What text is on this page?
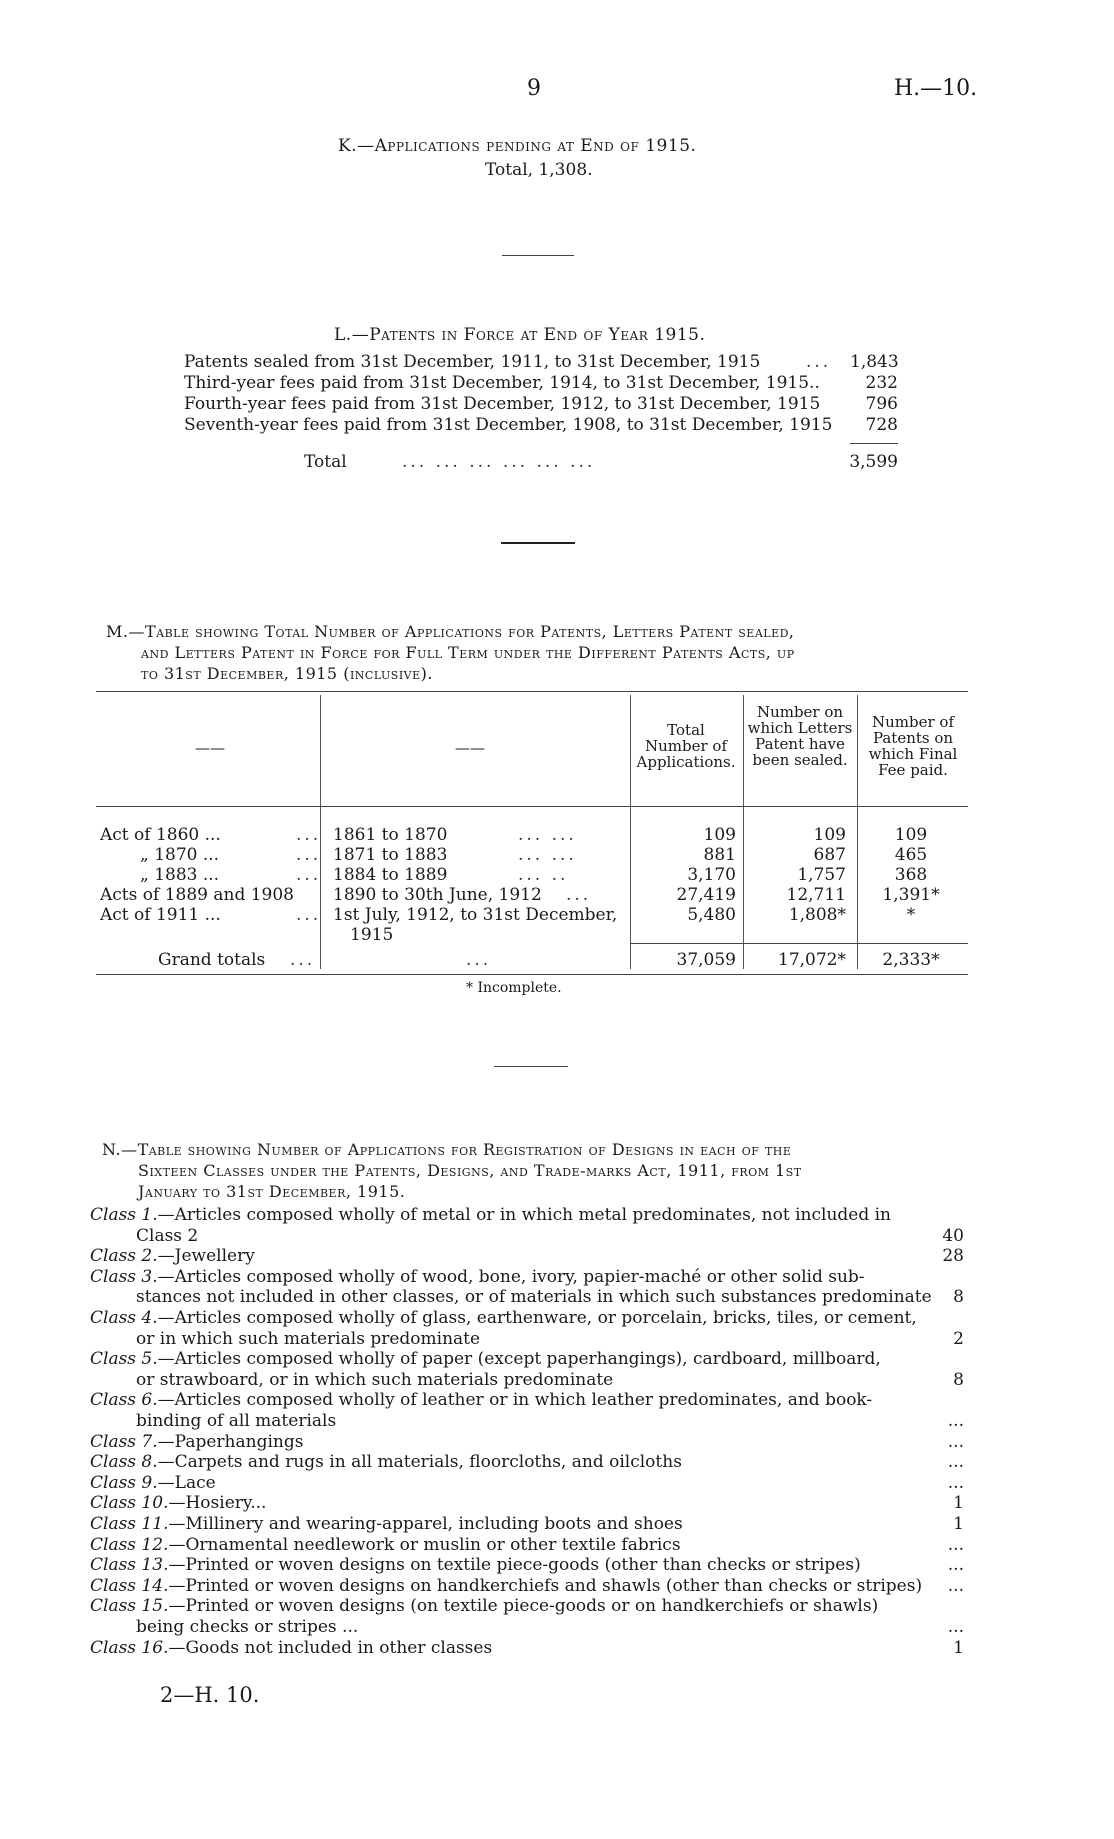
9	H.—10.
K.—Applications pending at End of 1915.
Total, 1,308.
L.—Patents in Force at End of Year 1915.
Patents sealed from 31st December, 1911, to 31st December, 1915	... 1,843
Third-year fees paid from 31st December, 1914, to 31st December, 1915..	232
Fourth-year fees paid from 31st December, 1912, to 31st December, 1915	796
Seventh-year fees paid from 31st December, 1908, to 31st December, 1915	728
Total	... ... ... ... ... ...	3,599
M.—Table showing Total Number of Applications for Patents, Letters Patent sealed,
and Letters Patent in Force for Full Term under the Different Patents Acts, up
to 31st December, 1915 (inclusive).
——	——
Total Number of Applications.
Number on which Letters Patent have been sealed.
Number of Patents on which Final Fee paid.
Act of 1860 ...	... 1861 to 1870	... ...	109	109	109
„ 1870 ...	... 1871 to 1883	... ...	881	687	465
„ 1883 ...	... 1884 to 1889	... ..	3,170	1,757	368
Acts of 1889 and 1908 1890 to 30th June, 1912 ...	27,419	12,711	1,391*
Act of 1911 ...	... 1st July, 1912, to 31st December,	5,480	1,808*	*
1915
Grand totals ...	...	37,059	17,072*	2,333*
* Incomplete.
N.—Table showing Number of Applications for Registration of Designs in each of the
Sixteen Classes under the Patents, Designs, and Trade-marks Act, 1911, from 1st
January to 31st December, 1915.
Class 1.—Articles composed wholly of metal or in which metal predominates, not included in
Class 2	40
Class 2.—Jewellery	28
Class 3.—Articles composed wholly of wood, bone, ivory, papier-maché or other solid sub-
stances not included in other classes, or of materials in which such substances predominate	8
Class 4.—Articles composed wholly of glass, earthenware, or porcelain, bricks, tiles, or cement,
or in which such materials predominate	2
Class 5.—Articles composed wholly of paper (except paperhangings), cardboard, millboard,
or strawboard, or in which such materials predominate	8
Class 6.—Articles composed wholly of leather or in which leather predominates, and book-
binding of all materials	...
Class 7.—Paperhangings	...
Class 8.—Carpets and rugs in all materials, floorcloths, and oilcloths	...
Class 9.—Lace	...
Class 10.—Hosiery...	1
Class 11.—Millinery and wearing-apparel, including boots and shoes	1
Class 12.—Ornamental needlework or muslin or other textile fabrics	...
Class 13.—Printed or woven designs on textile piece-goods (other than checks or stripes)	...
Class 14.—Printed or woven designs on handkerchiefs and shawls (other than checks or stripes)	...
Class 15.—Printed or woven designs (on textile piece-goods or on handkerchiefs or shawls)
being checks or stripes ...	...
Class 16.—Goods not included in other classes	1
2—H. 10.
